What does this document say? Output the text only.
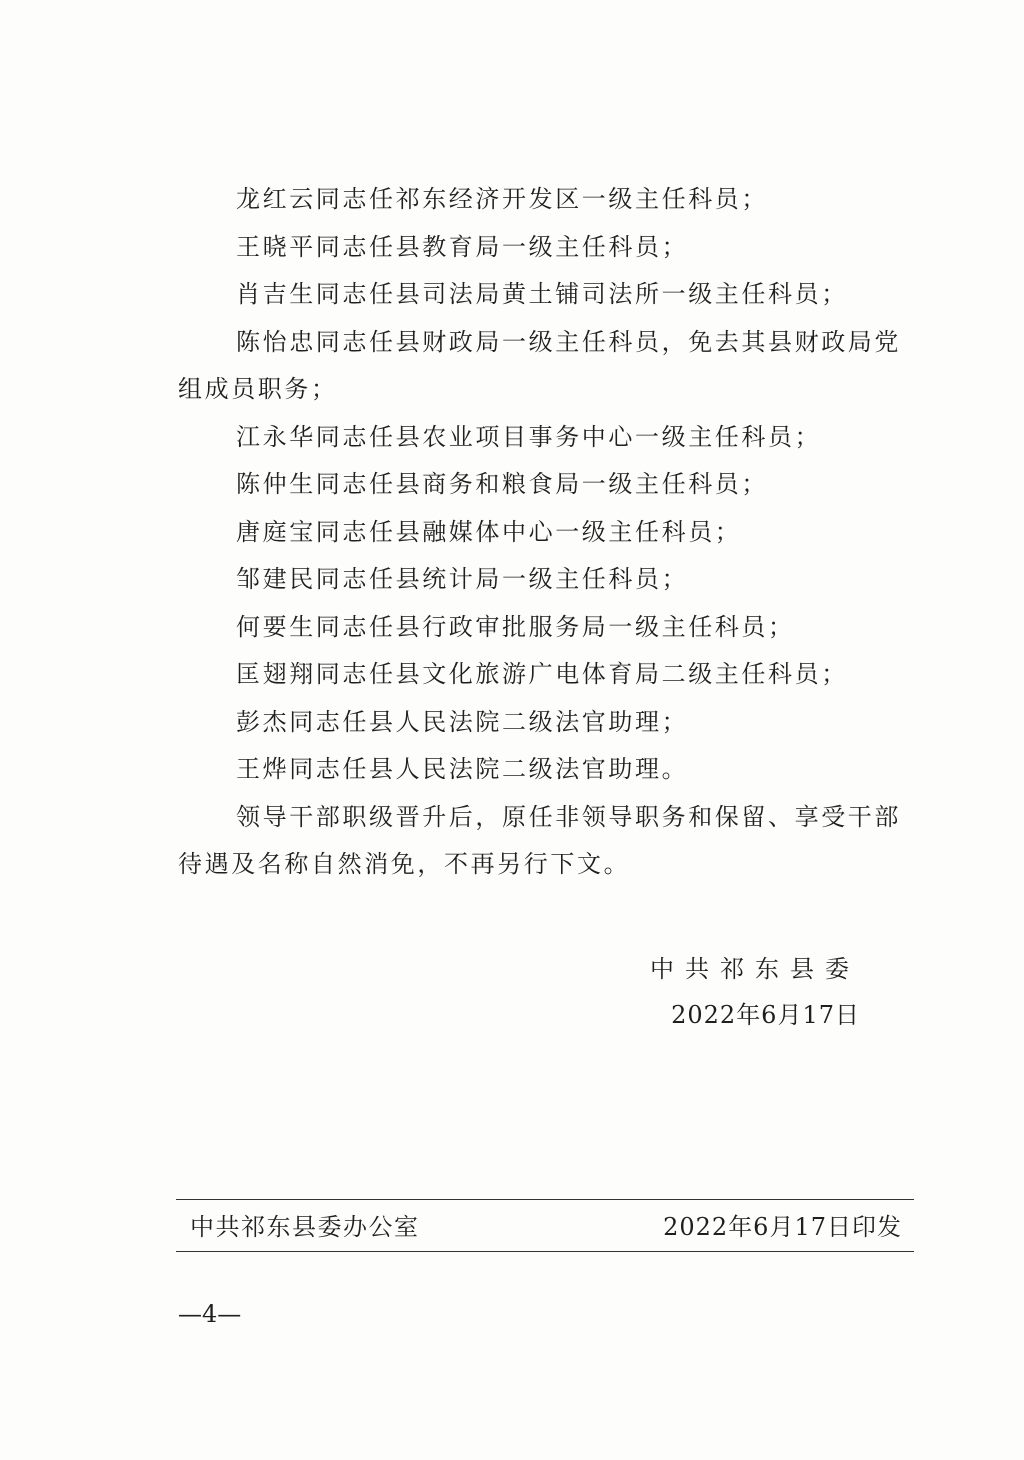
龙红云同志任祁东经济开发区一级主任科员；

王晓平同志任县教育局一级主任科员；

肖吉生同志任县司法局黄土铺司法所一级主任科员；

陈怡忠同志任县财政局一级主任科员，免去其县财政局党组成员职务；

江永华同志任县农业项目事务中心一级主任科员；

陈仲生同志任县商务和粮食局一级主任科员；

唐庭宝同志任县融媒体中心一级主任科员；

邹建民同志任县统计局一级主任科员；

何要生同志任县行政审批服务局一级主任科员；

匡翅翔同志任县文化旅游广电体育局二级主任科员；

彭杰同志任县人民法院二级法官助理；

王烨同志任县人民法院二级法官助理。

领导干部职级晋升后，原任非领导职务和保留、享受干部待遇及名称自然消免，不再另行下文。

中共祁东县委
2022年6月17日
中共祁东县委办公室	2022年6月17日印发
—4—
